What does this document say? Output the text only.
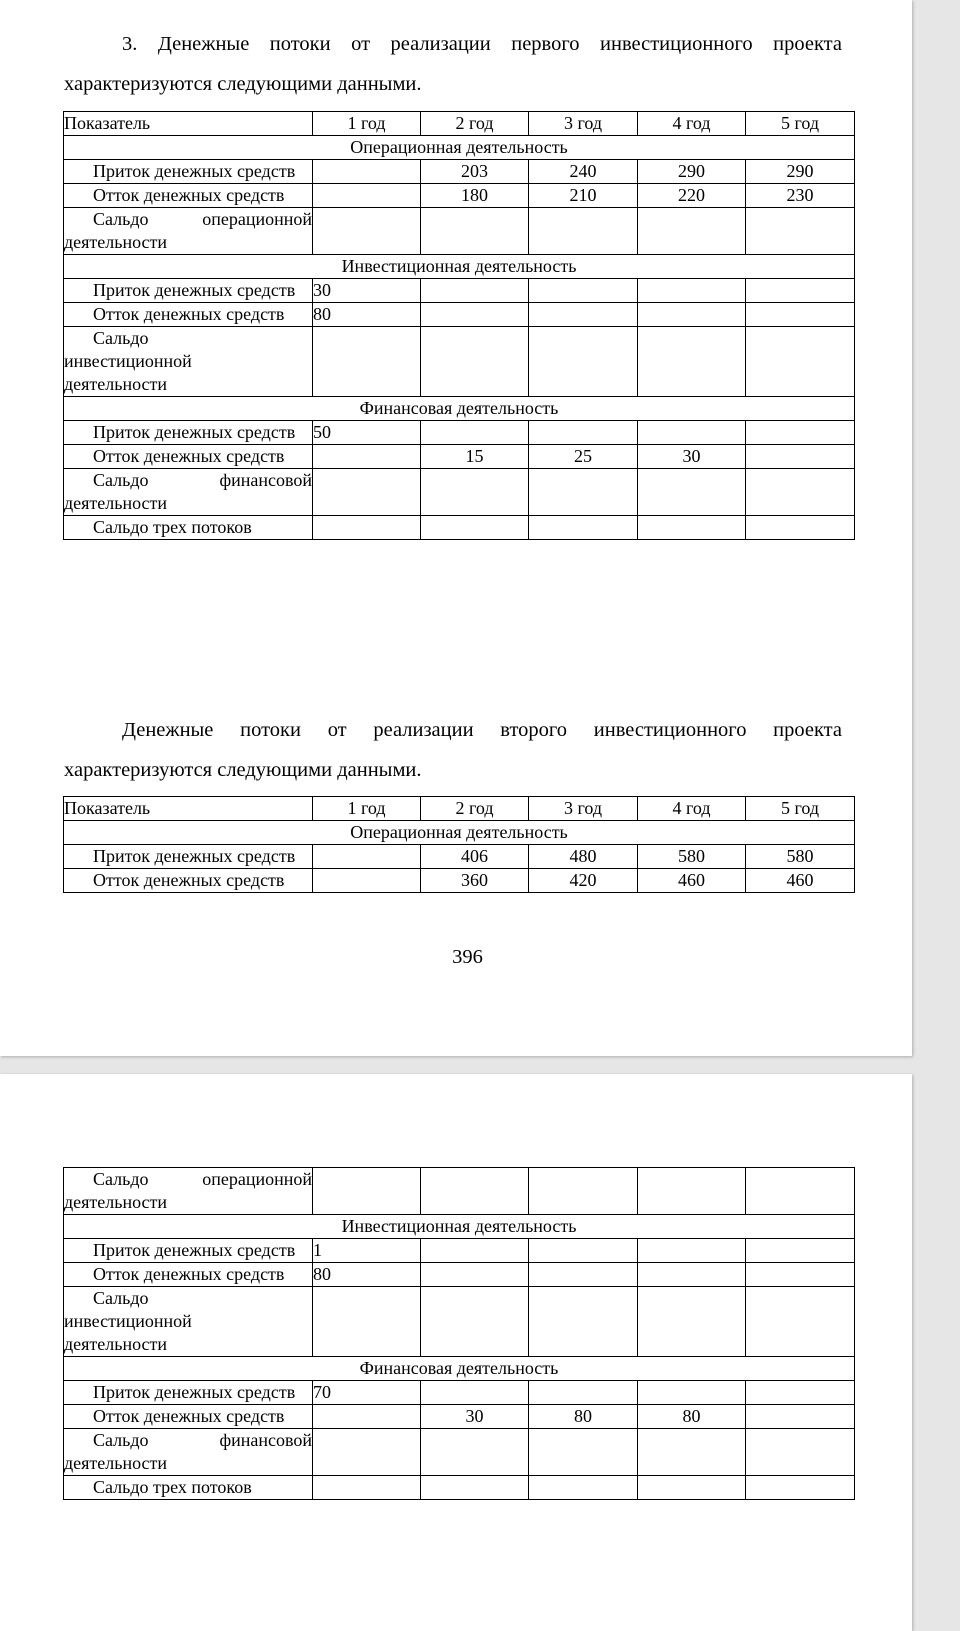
3. Денежные потоки от реализации первого инвестиционного проекта характеризуются следующими данными.
Показатель	1 год	2 год	3 год	4 год	5 год
Операционная деятельность					

Приток денежных средств		203	240	290	290

Отток денежных средств		180	210	220	230

Сальдо операционной деятельности					

Инвестиционная деятельность					

Приток денежных средств	30				

Отток денежных средств	80				

Сальдо инвестиционной деятельности					

Финансовая деятельность					

Приток денежных средств	50				

Отток денежных средств		15	25	30	

Сальдо финансовой деятельности					

Сальдо трех потоков					

Денежные потоки от реализации второго инвестиционного проекта характеризуются следующими данными.
Показатель	1 год	2 год	3 год	4 год	5 год
Операционная деятельность					

Приток денежных средств		406	480	580	580

Отток денежных средств		360	420	460	460
396
Сальдо операционной деятельности					

Инвестиционная деятельность					

Приток денежных средств	1				

Отток денежных средств	80				

Сальдо инвестиционной деятельности					

Финансовая деятельность					

Приток денежных средств	70				

Отток денежных средств		30	80	80	

Сальдо финансовой деятельности					

Сальдо трех потоков					
